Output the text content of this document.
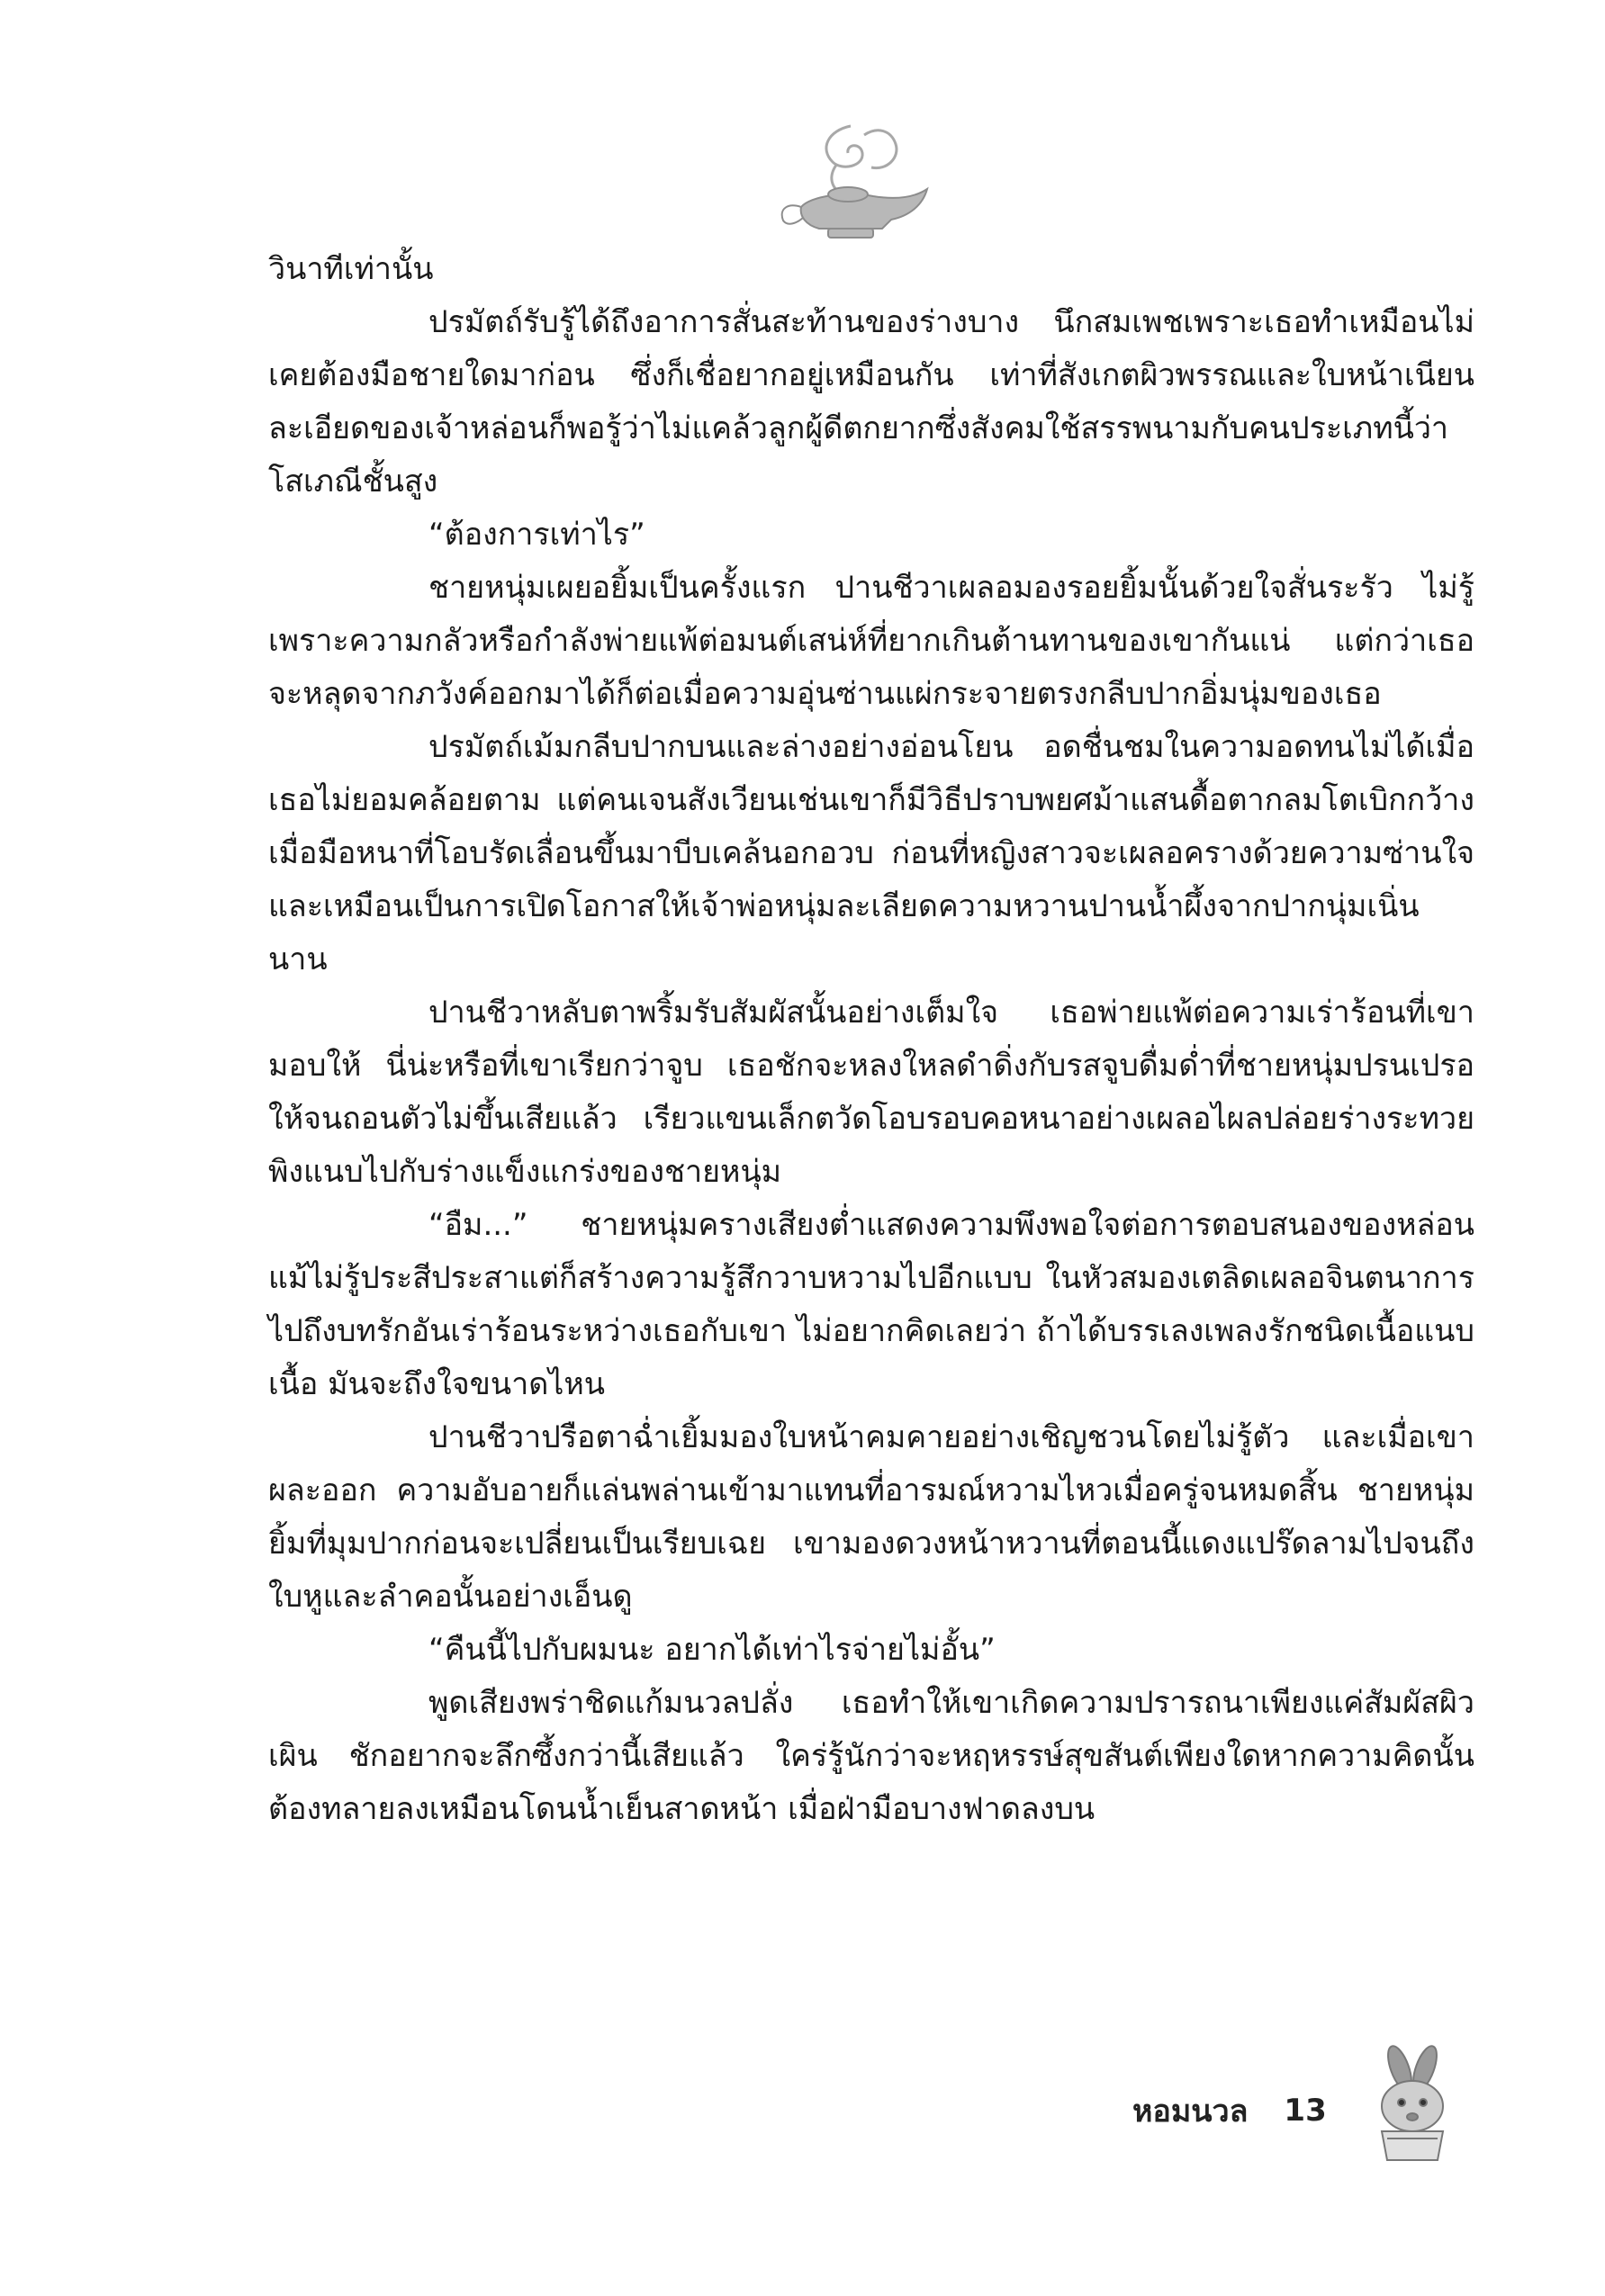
วินาทีเท่านั้น

ปรมัตถ์รับรู้ได้ถึงอาการสั่นสะท้านของร่างบาง นึกสมเพชเพราะเธอทำเหมือนไม่เคยต้องมือชายใดมาก่อน ซึ่งก็เชื่อยากอยู่เหมือนกัน เท่าที่สังเกตผิวพรรณและใบหน้าเนียนละเอียดของเจ้าหล่อนก็พอรู้ว่าไม่แคล้วลูกผู้ดีตกยากซึ่งสังคมใช้สรรพนามกับคนประเภทนี้ว่าโสเภณีชั้นสูง

“ต้องการเท่าไร”

ชายหนุ่มเผยอยิ้มเป็นครั้งแรก ปานชีวาเผลอมองรอยยิ้มนั้นด้วยใจสั่นระรัว ไม่รู้เพราะความกลัวหรือกำลังพ่ายแพ้ต่อมนต์เสน่ห์ที่ยากเกินต้านทานของเขากันแน่ แต่กว่าเธอจะหลุดจากภวังค์ออกมาได้ก็ต่อเมื่อความอุ่นซ่านแผ่กระจายตรงกลีบปากอิ่มนุ่มของเธอ

ปรมัตถ์เม้มกลีบปากบนและล่างอย่างอ่อนโยน อดชื่นชมในความอดทนไม่ได้เมื่อเธอไม่ยอมคล้อยตาม แต่คนเจนสังเวียนเช่นเขาก็มีวิธีปราบพยศม้าแสนดื้อตากลมโตเบิกกว้างเมื่อมือหนาที่โอบรัดเลื่อนขึ้นมาบีบเคล้นอกอวบ ก่อนที่หญิงสาวจะเผลอครางด้วยความซ่านใจ และเหมือนเป็นการเปิดโอกาสให้เจ้าพ่อหนุ่มละเลียดความหวานปานน้ำผึ้งจากปากนุ่มเนิ่นนาน

ปานชีวาหลับตาพริ้มรับสัมผัสนั้นอย่างเต็มใจ เธอพ่ายแพ้ต่อความเร่าร้อนที่เขามอบให้ นี่น่ะหรือที่เขาเรียกว่าจูบ เธอชักจะหลงใหลดำดิ่งกับรสจูบดื่มด่ำที่ชายหนุ่มปรนเปรอให้จนถอนตัวไม่ขึ้นเสียแล้ว เรียวแขนเล็กตวัดโอบรอบคอหนาอย่างเผลอไผลปล่อยร่างระทวยพิงแนบไปกับร่างแข็งแกร่งของชายหนุ่ม

“อืม...” ชายหนุ่มครางเสียงต่ำแสดงความพึงพอใจต่อการตอบสนองของหล่อน แม้ไม่รู้ประสีประสาแต่ก็สร้างความรู้สึกวาบหวามไปอีกแบบ ในหัวสมองเตลิดเผลอจินตนาการไปถึงบทรักอันเร่าร้อนระหว่างเธอกับเขา ไม่อยากคิดเลยว่า ถ้าได้บรรเลงเพลงรักชนิดเนื้อแนบเนื้อ มันจะถึงใจขนาดไหน

ปานชีวาปรือตาฉ่ำเยิ้มมองใบหน้าคมคายอย่างเชิญชวนโดยไม่รู้ตัว และเมื่อเขาผละออก ความอับอายก็แล่นพล่านเข้ามาแทนที่อารมณ์หวามไหวเมื่อครู่จนหมดสิ้น ชายหนุ่มยิ้มที่มุมปากก่อนจะเปลี่ยนเป็นเรียบเฉย เขามองดวงหน้าหวานที่ตอนนี้แดงแปร๊ดลามไปจนถึงใบหูและลำคอนั้นอย่างเอ็นดู

“คืนนี้ไปกับผมนะ อยากได้เท่าไรจ่ายไม่อั้น”

พูดเสียงพร่าชิดแก้มนวลปลั่ง เธอทำให้เขาเกิดความปรารถนาเพียงแค่สัมผัสผิวเผิน ชักอยากจะลึกซึ้งกว่านี้เสียแล้ว ใคร่รู้นักว่าจะหฤหรรษ์สุขสันต์เพียงใดหากความคิดนั้นต้องทลายลงเหมือนโดนน้ำเย็นสาดหน้า เมื่อฝ่ามือบางฟาดลงบน

หอมนวล 13
